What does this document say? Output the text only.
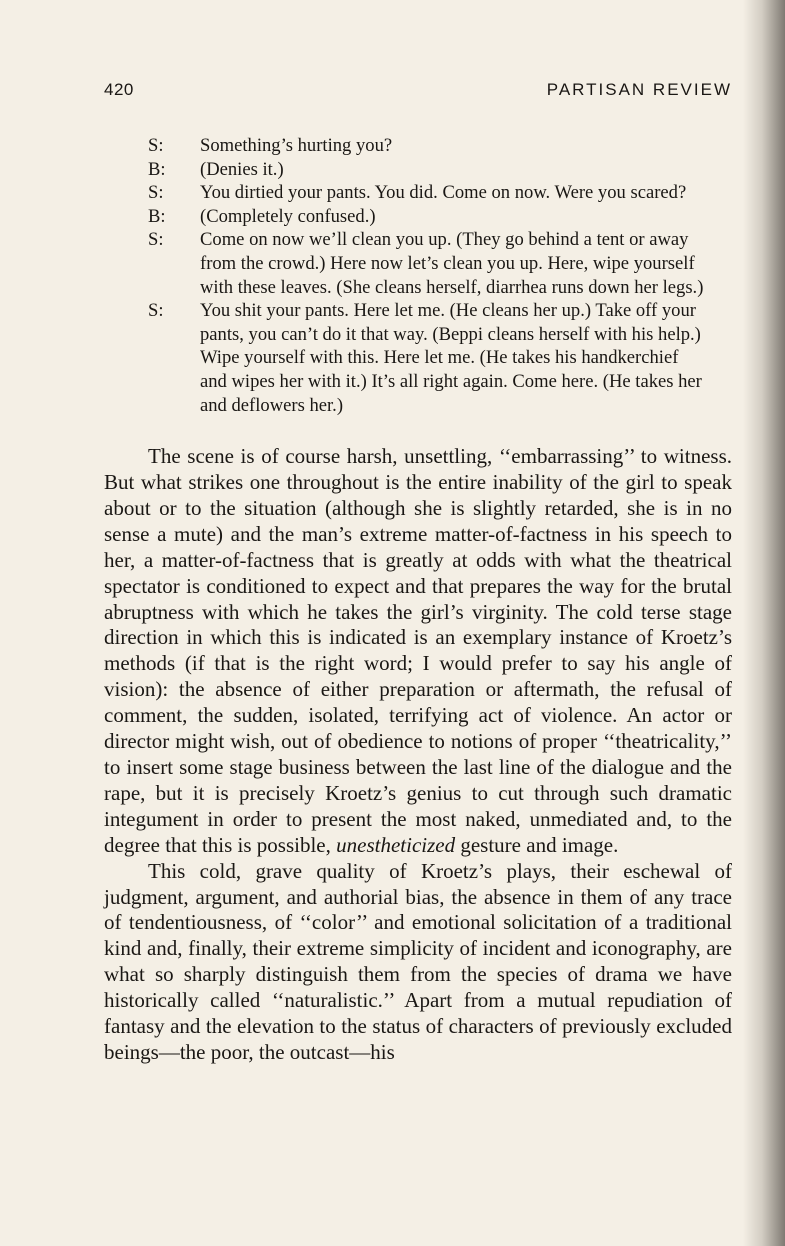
420	PARTISAN REVIEW
S:	Something’s hurting you?
B:	(Denies it.)
S:	You dirtied your pants. You did. Come on now. Were you scared?
B:	(Completely confused.)
S:	Come on now we’ll clean you up. (They go behind a tent or away from the crowd.) Here now let’s clean you up. Here, wipe yourself with these leaves. (She cleans herself, diarrhea runs down her legs.)
S:	You shit your pants. Here let me. (He cleans her up.) Take off your pants, you can’t do it that way. (Beppi cleans herself with his help.) Wipe yourself with this. Here let me. (He takes his handkerchief and wipes her with it.) It’s all right again. Come here. (He takes her and deflowers her.)

The scene is of course harsh, unsettling, ‘‘embarrassing’’ to witness. But what strikes one throughout is the entire inability of the girl to speak about or to the situation (although she is slightly retarded, she is in no sense a mute) and the man’s extreme matter-of-factness in his speech to her, a matter-of-factness that is greatly at odds with what the theatrical spectator is conditioned to expect and that prepares the way for the brutal abruptness with which he takes the girl’s virginity. The cold terse stage direction in which this is indicated is an exemplary instance of Kroetz’s methods (if that is the right word; I would prefer to say his angle of vision): the absence of either preparation or aftermath, the refusal of comment, the sudden, isolated, terrifying act of violence. An actor or director might wish, out of obedience to notions of proper ‘‘theatricality,’’ to insert some stage business between the last line of the dialogue and the rape, but it is precisely Kroetz’s genius to cut through such dramatic integument in order to present the most naked, unmediated and, to the degree that this is possible, unestheticized gesture and image.

This cold, grave quality of Kroetz’s plays, their eschewal of judgment, argument, and authorial bias, the absence in them of any trace of tendentiousness, of ‘‘color’’ and emotional solicitation of a traditional kind and, finally, their extreme simplicity of incident and iconography, are what so sharply distinguish them from the species of drama we have historically called ‘‘naturalistic.’’ Apart from a mutual repudiation of fantasy and the elevation to the status of characters of previously excluded beings—the poor, the outcast—his
